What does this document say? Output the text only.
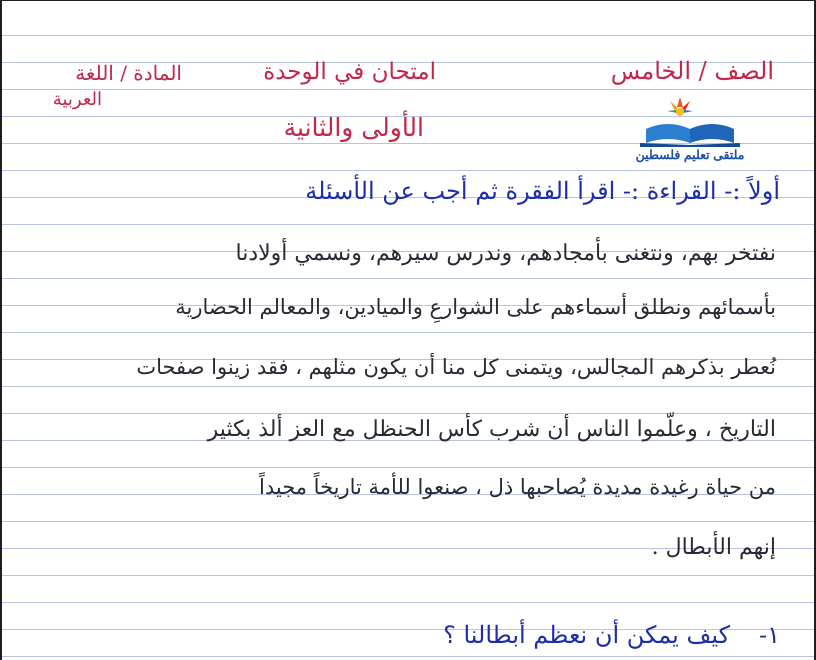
الصف / الخامس
امتحان في الوحدة
الأولى والثانية
المادة / اللغة
العربية
ملتقى تعليم فلسطين
أولاً :- القراءة :- اقرأ الفقرة ثم أجب عن الأسئلة
نفتخر بهم، ونتغنى بأمجادهم، وندرس سيرهم، ونسمي أولادنا
بأسمائهم ونطلق أسماءهم على الشوارعِ والميادين، والمعالم الحضارية
نُعطر بذكرهم المجالس، ويتمنى كل منا أن يكون مثلهم ، فقد زينوا صفحات
التاريخ ، وعلّموا الناس أن شرب كأس الحنظل مع العز ألذ بكثير
من حياة رغيدة مديدة يُصاحبها ذل ، صنعوا للأمة تاريخاً مجيداً
إنهم الأبطال .
١-
كيف يمكن أن نعظم أبطالنا ؟
